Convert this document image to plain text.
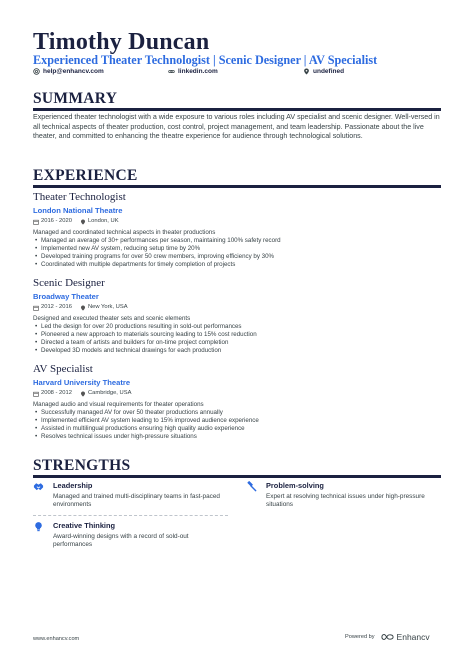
Timothy Duncan
Experienced Theater Technologist | Scenic Designer | AV Specialist
help@enhancv.com	linkedin.com	undefined
SUMMARY
Experienced theater technologist with a wide exposure to various roles including AV specialist and scenic designer. Well-versed in all technical aspects of theater production, cost control, project management, and team leadership. Passionate about the live theater, and committed to enhancing the theatre experience for audience through technological solutions.
EXPERIENCE
Theater Technologist
London National Theatre
2016 - 2020	London, UK
Managed and coordinated technical aspects in theater productions
• Managed an average of 30+ performances per season, maintaining 100% safety record
• Implemented new AV system, reducing setup time by 20%
• Developed training programs for over 50 crew members, improving efficiency by 30%
• Coordinated with multiple departments for timely completion of projects
Scenic Designer
Broadway Theater
2012 - 2016	New York, USA
Designed and executed theater sets and scenic elements
• Led the design for over 20 productions resulting in sold-out performances
• Pioneered a new approach to materials sourcing leading to 15% cost reduction
• Directed a team of artists and builders for on-time project completion
• Developed 3D models and technical drawings for each production
AV Specialist
Harvard University Theatre
2008 - 2012	Cambridge, USA
Managed audio and visual requirements for theater operations
• Successfully managed AV for over 50 theater productions annually
• Implemented efficient AV system leading to 15% improved audience experience
• Assisted in multilingual productions ensuring high quality audio experience
• Resolves technical issues under high-pressure situations
STRENGTHS
Leadership
Managed and trained multi-disciplinary teams in fast-paced environments
Problem-solving
Expert at resolving technical issues under high-pressure situations
Creative Thinking
Award-winning designs with a record of sold-out performances
www.enhancv.com	Powered by	Enhancv
